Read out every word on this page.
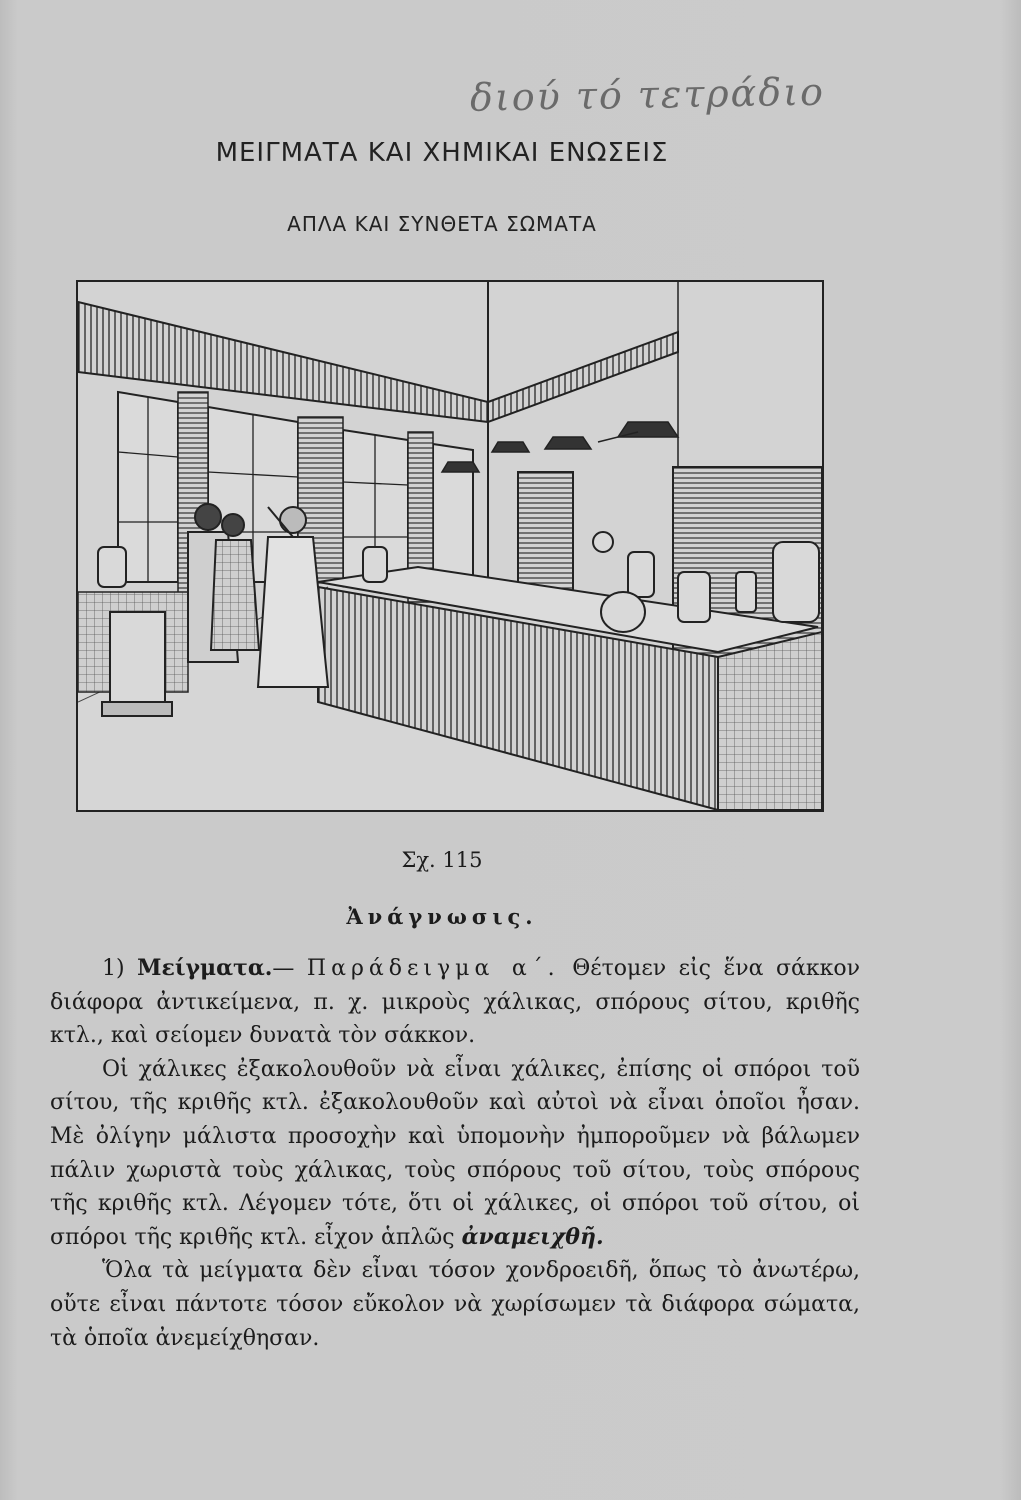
διού τό τετράδιο
ΜΕΙΓΜΑΤΑ ΚΑΙ ΧΗΜΙΚΑΙ ΕΝΩΣΕΙΣ
ΑΠΛΑ ΚΑΙ ΣΥΝΘΕΤΑ ΣΩΜΑΤΑ
Σχ. 115
Ἀνάγνωσις.

1) Μείγματα.— Παράδειγμα α΄. Θέτομεν εἰς ἕνα σάκκον διάφορα ἀντικείμενα, π. χ. μικροὺς χάλικας, σπόρους σίτου, κριθῆς κτλ., καὶ σείομεν δυνατὰ τὸν σάκκον.

Οἱ χάλικες ἐξακολουθοῦν νὰ εἶναι χάλικες, ἐπίσης οἱ σπόροι τοῦ σίτου, τῆς κριθῆς κτλ. ἐξακολουθοῦν καὶ αὐτοὶ νὰ εἶναι ὁποῖοι ἦσαν. Μὲ ὀλίγην μάλιστα προσοχὴν καὶ ὑπομονὴν ἠμποροῦμεν νὰ βάλωμεν πάλιν χωριστὰ τοὺς χάλικας, τοὺς σπόρους τοῦ σίτου, τοὺς σπόρους τῆς κριθῆς κτλ. Λέγομεν τότε, ὅτι οἱ χάλικες, οἱ σπόροι τοῦ σίτου, οἱ σπόροι τῆς κριθῆς κτλ. εἶχον ἁπλῶς ἀναμειχθῆ.

Ὅλα τὰ μείγματα δὲν εἶναι τόσον χονδροειδῆ, ὅπως τὸ ἀνωτέρω, οὔτε εἶναι πάντοτε τόσον εὔκολον νὰ χωρίσωμεν τὰ διάφορα σώματα, τὰ ὁποῖα ἀνεμείχθησαν.
